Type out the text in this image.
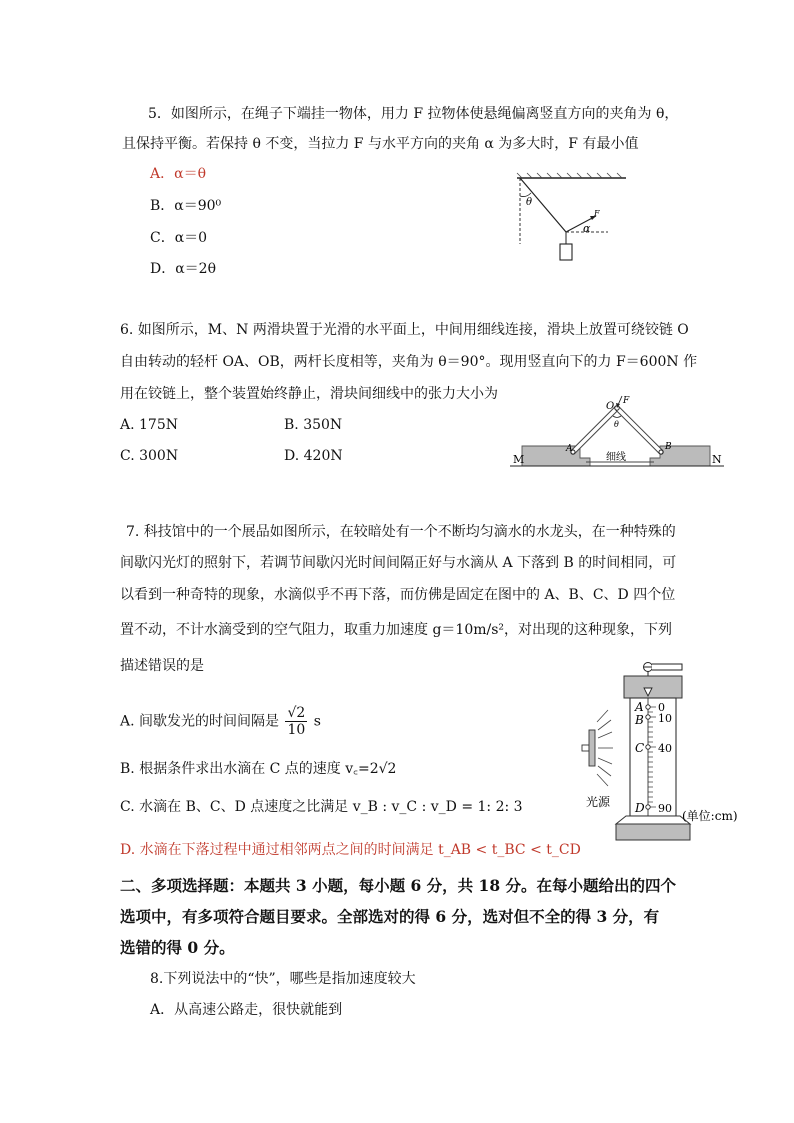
5．如图所示，在绳子下端挂一物体，用力 F 拉物体使悬绳偏离竖直方向的夹角为 θ，
且保持平衡。若保持 θ 不变，当拉力 F 与水平方向的夹角 α 为多大时，F 有最小值
A．α＝θ
B．α＝90⁰
C．α＝0
D．α＝2θ
θ
α
F
6. 如图所示，M、N 两滑块置于光滑的水平面上，中间用细线连接，滑块上放置可绕铰链 O
自由转动的轻杆 OA、OB，两杆长度相等，夹角为 θ＝90°。现用竖直向下的力 F＝600N 作
用在铰链上，整个装置始终静止，滑块间细线中的张力大小为
A. 175N	B. 350N
C. 300N	D. 420N
O F
θ
A	B
M	N
细线
7. 科技馆中的一个展品如图所示，在较暗处有一个不断均匀滴水的水龙头，在一种特殊的
间歇闪光灯的照射下，若调节间歇闪光时间间隔正好与水滴从 A 下落到 B 的时间相同，可
以看到一种奇特的现象，水滴似乎不再下落，而仿佛是固定在图中的 A、B、C、D 四个位
置不动，不计水滴受到的空气阻力，取重力加速度 g＝10m/s²，对出现的这种现象，下列
描述错误的是
A. 间歇发光的时间间隔是 $\frac{√2}{10}$ s
B. 根据条件求出水滴在 C 点的速度 v꜀=2√2
C. 水滴在 B、C、D 点速度之比满足 v_B : v_C : v_D = 1: 2: 3
D. 水滴在下落过程中通过相邻两点之间的时间满足 t_AB < t_BC < t_CD
A
B
C
D
0
10
40
90
光源
(单位:cm)
二、多项选择题：本题共 3 小题，每小题 6 分，共 18 分。在每小题给出的四个
选项中，有多项符合题目要求。全部选对的得 6 分，选对但不全的得 3 分，有
选错的得 0 分。
8.下列说法中的“快”，哪些是指加速度较大
A．从高速公路走，很快就能到
